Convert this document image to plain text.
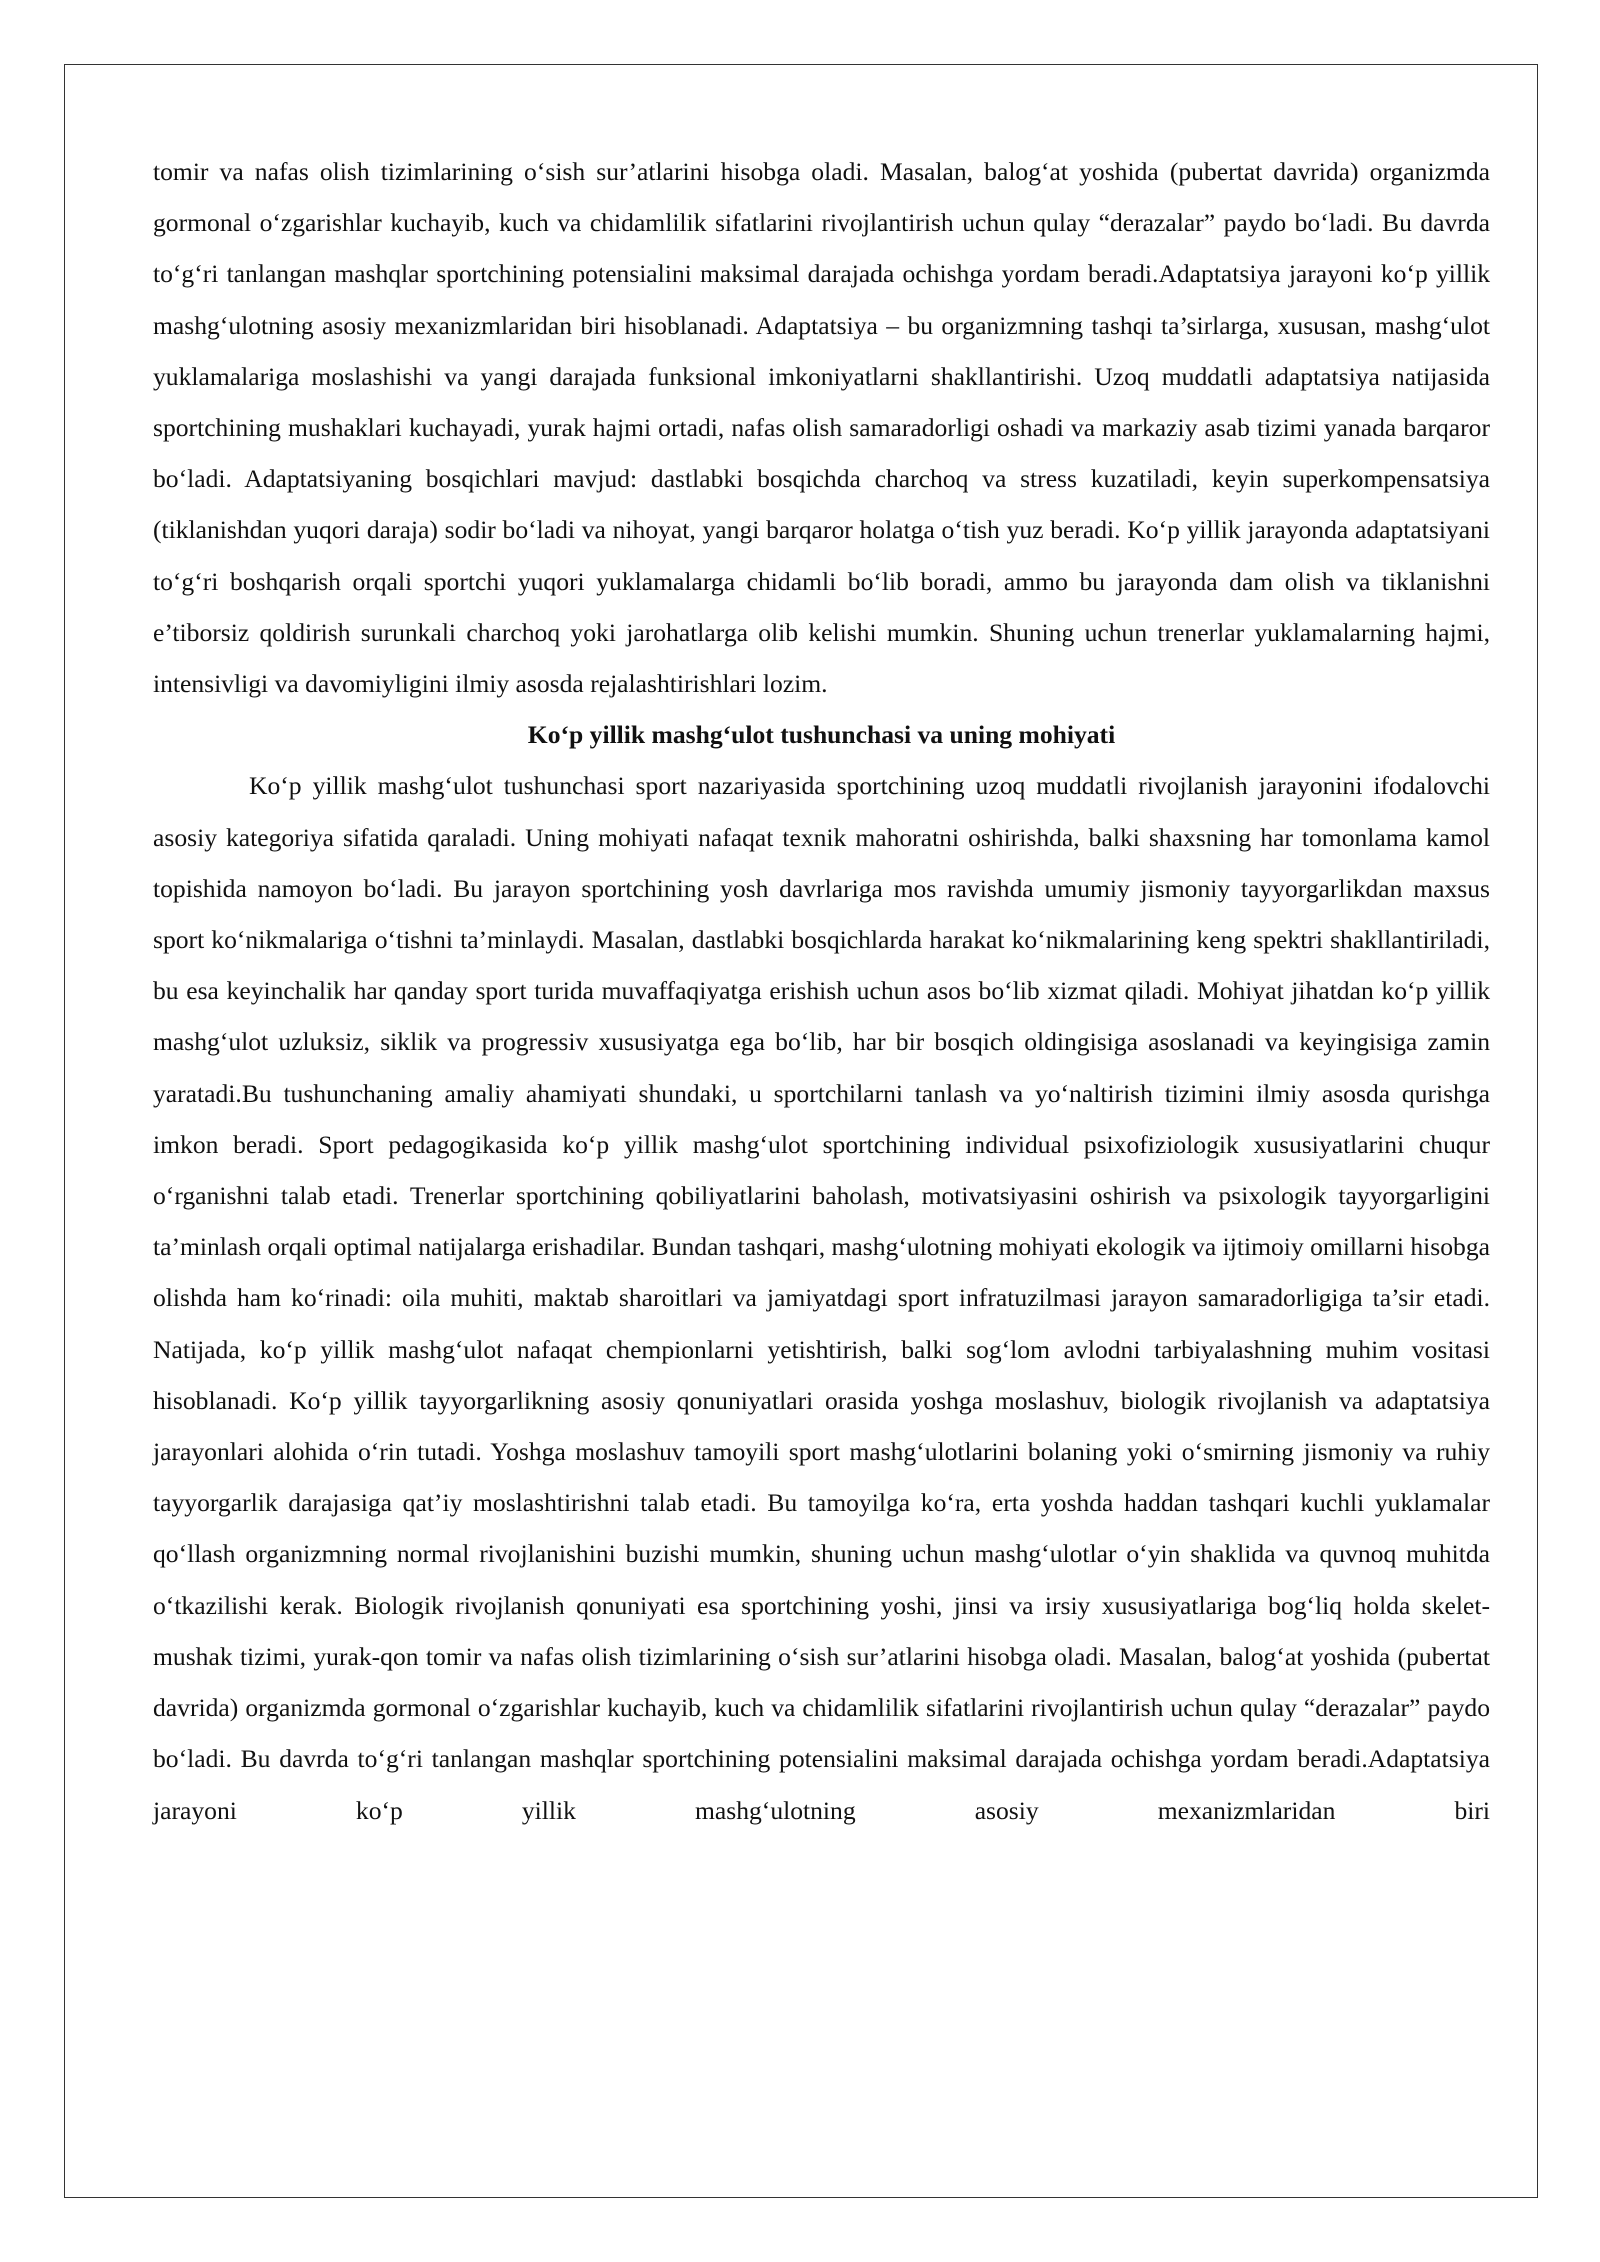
tomir va nafas olish tizimlarining o‘sish sur’atlarini hisobga oladi. Masalan, balog‘at yoshida (pubertat davrida) organizmda gormonal o‘zgarishlar kuchayib, kuch va chidamlilik sifatlarini rivojlantirish uchun qulay “derazalar” paydo bo‘ladi. Bu davrda to‘g‘ri tanlangan mashqlar sportchining potensialini maksimal darajada ochishga yordam beradi.Adaptatsiya jarayoni ko‘p yillik mashg‘ulotning asosiy mexanizmlaridan biri hisoblanadi. Adaptatsiya – bu organizmning tashqi ta’sirlarga, xususan, mashg‘ulot yuklamalariga moslashishi va yangi darajada funksional imkoniyatlarni shakllantirishi. Uzoq muddatli adaptatsiya natijasida sportchining mushaklari kuchayadi, yurak hajmi ortadi, nafas olish samaradorligi oshadi va markaziy asab tizimi yanada barqaror bo‘ladi. Adaptatsiyaning bosqichlari mavjud: dastlabki bosqichda charchoq va stress kuzatiladi, keyin superkompensatsiya (tiklanishdan yuqori daraja) sodir bo‘ladi va nihoyat, yangi barqaror holatga o‘tish yuz beradi. Ko‘p yillik jarayonda adaptatsiyani to‘g‘ri boshqarish orqali sportchi yuqori yuklamalarga chidamli bo‘lib boradi, ammo bu jarayonda dam olish va tiklanishni e’tiborsiz qoldirish surunkali charchoq yoki jarohatlarga olib kelishi mumkin. Shuning uchun trenerlar yuklamalarning hajmi, intensivligi va davomiyligini ilmiy asosda rejalashtirishlari lozim.

Ko‘p yillik mashg‘ulot tushunchasi va uning mohiyati

Ko‘p yillik mashg‘ulot tushunchasi sport nazariyasida sportchining uzoq muddatli rivojlanish jarayonini ifodalovchi asosiy kategoriya sifatida qaraladi. Uning mohiyati nafaqat texnik mahoratni oshirishda, balki shaxsning har tomonlama kamol topishida namoyon bo‘ladi. Bu jarayon sportchining yosh davrlariga mos ravishda umumiy jismoniy tayyorgarlikdan maxsus sport ko‘nikmalariga o‘tishni ta’minlaydi. Masalan, dastlabki bosqichlarda harakat ko‘nikmalarining keng spektri shakllantiriladi, bu esa keyinchalik har qanday sport turida muvaffaqiyatga erishish uchun asos bo‘lib xizmat qiladi. Mohiyat jihatdan ko‘p yillik mashg‘ulot uzluksiz, siklik va progressiv xususiyatga ega bo‘lib, har bir bosqich oldingisiga asoslanadi va keyingisiga zamin yaratadi.Bu tushunchaning amaliy ahamiyati shundaki, u sportchilarni tanlash va yo‘naltirish tizimini ilmiy asosda qurishga imkon beradi. Sport pedagogikasida ko‘p yillik mashg‘ulot sportchining individual psixofiziologik xususiyatlarini chuqur o‘rganishni talab etadi. Trenerlar sportchining qobiliyatlarini baholash, motivatsiyasini oshirish va psixologik tayyorgarligini ta’minlash orqali optimal natijalarga erishadilar. Bundan tashqari, mashg‘ulotning mohiyati ekologik va ijtimoiy omillarni hisobga olishda ham ko‘rinadi: oila muhiti, maktab sharoitlari va jamiyatdagi sport infratuzilmasi jarayon samaradorligiga ta’sir etadi. Natijada, ko‘p yillik mashg‘ulot nafaqat chempionlarni yetishtirish, balki sog‘lom avlodni tarbiyalashning muhim vositasi hisoblanadi. Ko‘p yillik tayyorgarlikning asosiy qonuniyatlari orasida yoshga moslashuv, biologik rivojlanish va adaptatsiya jarayonlari alohida o‘rin tutadi. Yoshga moslashuv tamoyili sport mashg‘ulotlarini bolaning yoki o‘smirning jismoniy va ruhiy tayyorgarlik darajasiga qat’iy moslashtirishni talab etadi. Bu tamoyilga ko‘ra, erta yoshda haddan tashqari kuchli yuklamalar qo‘llash organizmning normal rivojlanishini buzishi mumkin, shuning uchun mashg‘ulotlar o‘yin shaklida va quvnoq muhitda o‘tkazilishi kerak. Biologik rivojlanish qonuniyati esa sportchining yoshi, jinsi va irsiy xususiyatlariga bog‘liq holda skelet-mushak tizimi, yurak-qon tomir va nafas olish tizimlarining o‘sish sur’atlarini hisobga oladi. Masalan, balog‘at yoshida (pubertat davrida) organizmda gormonal o‘zgarishlar kuchayib, kuch va chidamlilik sifatlarini rivojlantirish uchun qulay “derazalar” paydo bo‘ladi. Bu davrda to‘g‘ri tanlangan mashqlar sportchining potensialini maksimal darajada ochishga yordam beradi.Adaptatsiya jarayoni ko‘p yillik mashg‘ulotning asosiy mexanizmlaridan biri
